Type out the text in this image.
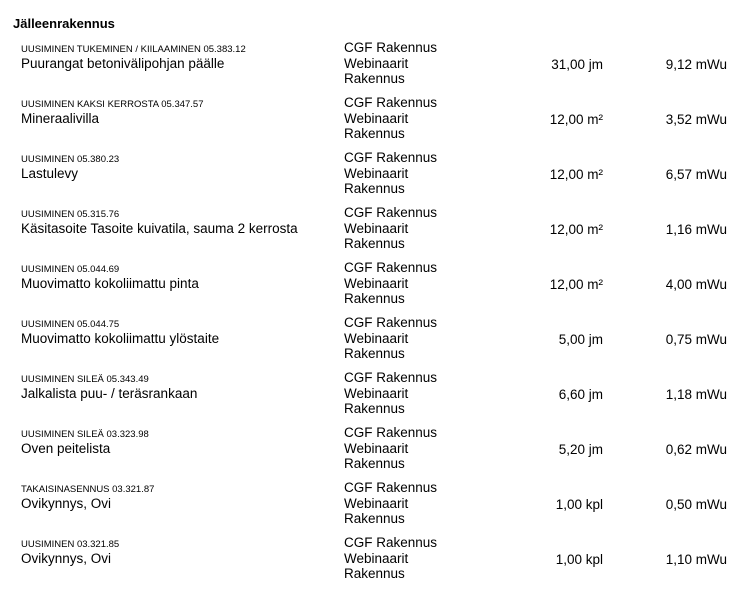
Jälleenrakennus
UUSIMINEN TUKEMINEN / KIILAAMINEN 05.383.12
Puurangat betonivälipohjan päälle
CGF Rakennus
Webinaarit
Rakennus
31,00 jm	9,12 mWu
UUSIMINEN KAKSI KERROSTA 05.347.57
Mineraalivilla
CGF Rakennus
Webinaarit
Rakennus
12,00 m²	3,52 mWu
UUSIMINEN 05.380.23
Lastulevy
CGF Rakennus
Webinaarit
Rakennus
12,00 m²	6,57 mWu
UUSIMINEN 05.315.76
Käsitasoite Tasoite kuivatila, sauma 2 kerrosta
CGF Rakennus
Webinaarit
Rakennus
12,00 m²	1,16 mWu
UUSIMINEN 05.044.69
Muovimatto kokoliimattu pinta
CGF Rakennus
Webinaarit
Rakennus
12,00 m²	4,00 mWu
UUSIMINEN 05.044.75
Muovimatto kokoliimattu ylöstaite
CGF Rakennus
Webinaarit
Rakennus
5,00 jm	0,75 mWu
UUSIMINEN SILEÄ 05.343.49
Jalkalista puu- / teräsrankaan
CGF Rakennus
Webinaarit
Rakennus
6,60 jm	1,18 mWu
UUSIMINEN SILEÄ 03.323.98
Oven peitelista
CGF Rakennus
Webinaarit
Rakennus
5,20 jm	0,62 mWu
TAKAISINASENNUS 03.321.87
Ovikynnys, Ovi
CGF Rakennus
Webinaarit
Rakennus
1,00 kpl	0,50 mWu
UUSIMINEN 03.321.85
Ovikynnys, Ovi
CGF Rakennus
Webinaarit
Rakennus
1,00 kpl	1,10 mWu
